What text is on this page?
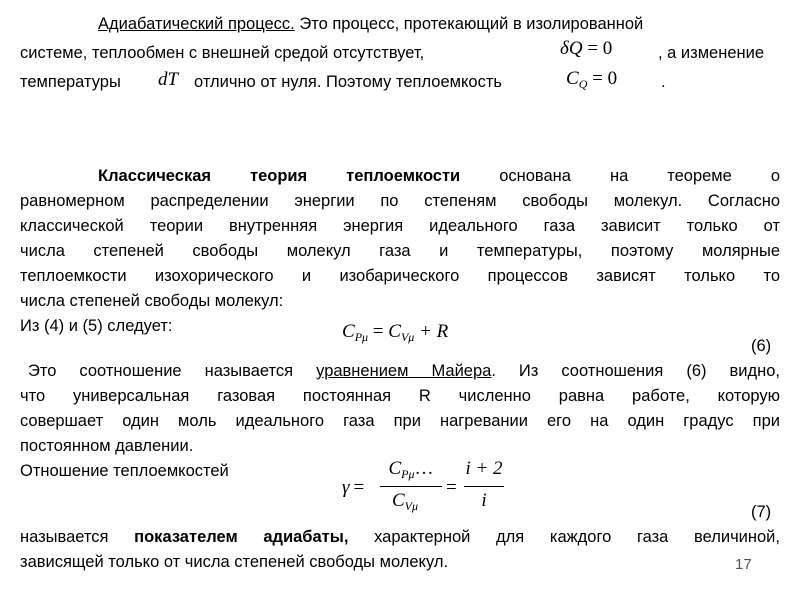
Адиабатический процесс. Это процесс, протекающий в изолированной
системе, теплообмен с внешней средой отсутствует,	δQ = 0	, а изменение
температуры dT отлично от нуля. Поэтому теплоемкость	$C_Q = 0$	.
Классическая теория теплоемкости основана на теореме о
равномерном распределении энергии по степеням свободы молекул. Согласно
классической теории внутренняя энергия идеального газа зависит только от
числа степеней свободы молекул газа и температуры, поэтому молярные
теплоемкости изохорического и изобарического процессов зависят только то
числа степеней свободы молекул:
Из (4) и (5) следует:	$C_{P\mu} = C_{V\mu} + R$
(6)
Это соотношение называется уравнением Майера. Из соотношения (6) видно,
что универсальная газовая постоянная R численно равна работе, которую
совершает один моль идеального газа при нагревании его на один градус при
постоянном давлении.
Отношение теплоемкостей
γ =
$C_{P\mu}\dots$
$C_{V\mu}$
=
i + 2
i
(7)
называется показателем адиабаты, характерной для каждого газа величиной,
зависящей только от числа степеней свободы молекул.	17
